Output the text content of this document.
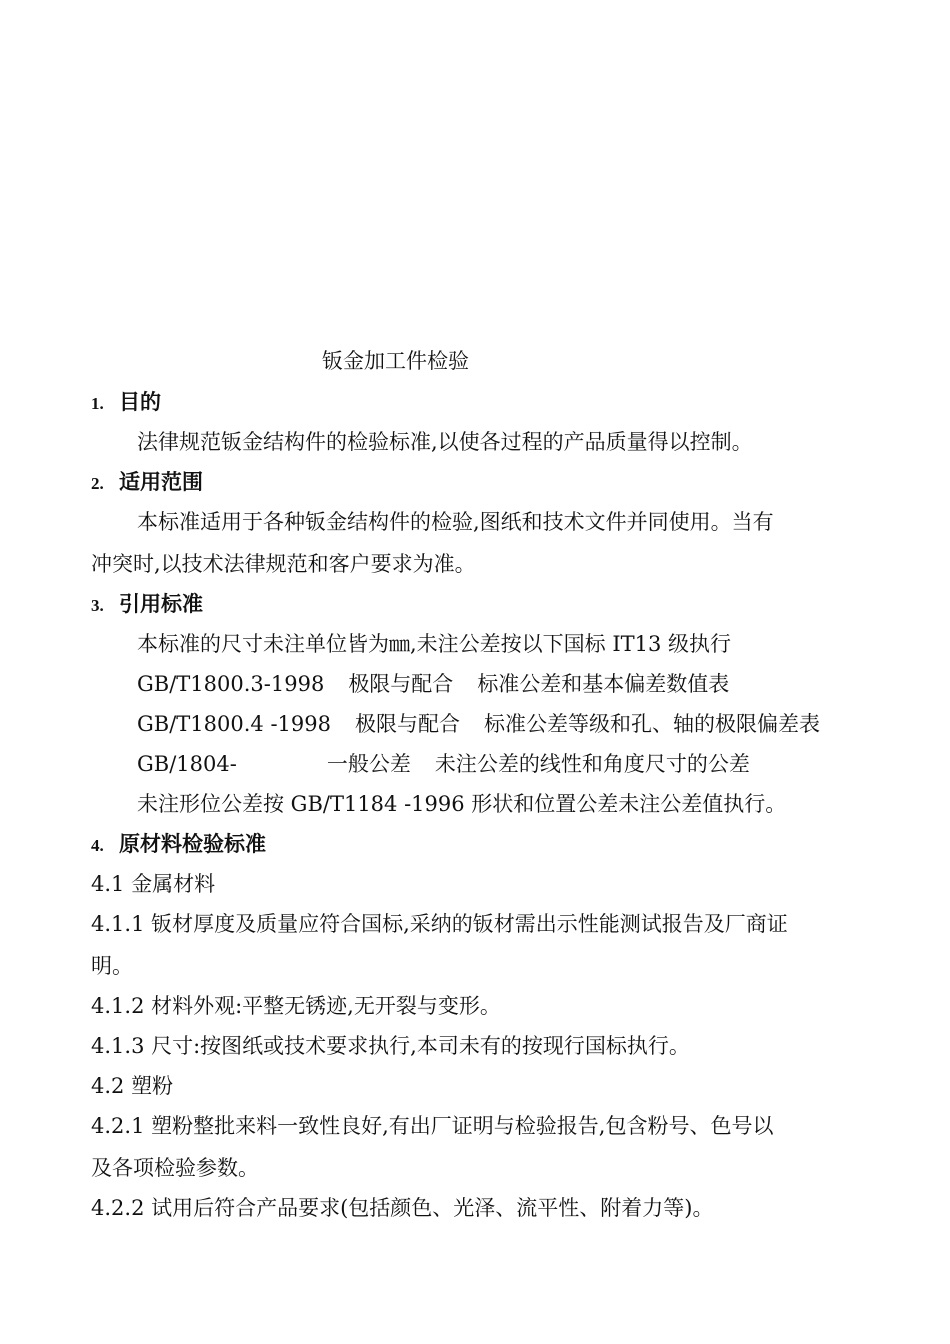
钣金加工件检验
1. 目的
法律规范钣金结构件的检验标准,以使各过程的产品质量得以控制。
2. 适用范围
本标准适用于各种钣金结构件的检验,图纸和技术文件并同使用。当有
冲突时,以技术法律规范和客户要求为准。
3. 引用标准
本标准的尺寸未注单位皆为㎜,未注公差按以下国标 IT13 级执行
GB/T1800.3-1998 极限与配合 标准公差和基本偏差数值表
GB/T1800.4 -1998 极限与配合 标准公差等级和孔、轴的极限偏差表
GB/1804-	一般公差 未注公差的线性和角度尺寸的公差
未注形位公差按 GB/T1184 -1996 形状和位置公差未注公差值执行。
4. 原材料检验标准
4.1 金属材料
4.1.1 钣材厚度及质量应符合国标,采纳的钣材需出示性能测试报告及厂商证
明。
4.1.2 材料外观:平整无锈迹,无开裂与变形。
4.1.3 尺寸:按图纸或技术要求执行,本司未有的按现行国标执行。
4.2 塑粉
4.2.1 塑粉整批来料一致性良好,有出厂证明与检验报告,包含粉号、色号以
及各项检验参数。
4.2.2 试用后符合产品要求(包括颜色、光泽、流平性、附着力等)。
